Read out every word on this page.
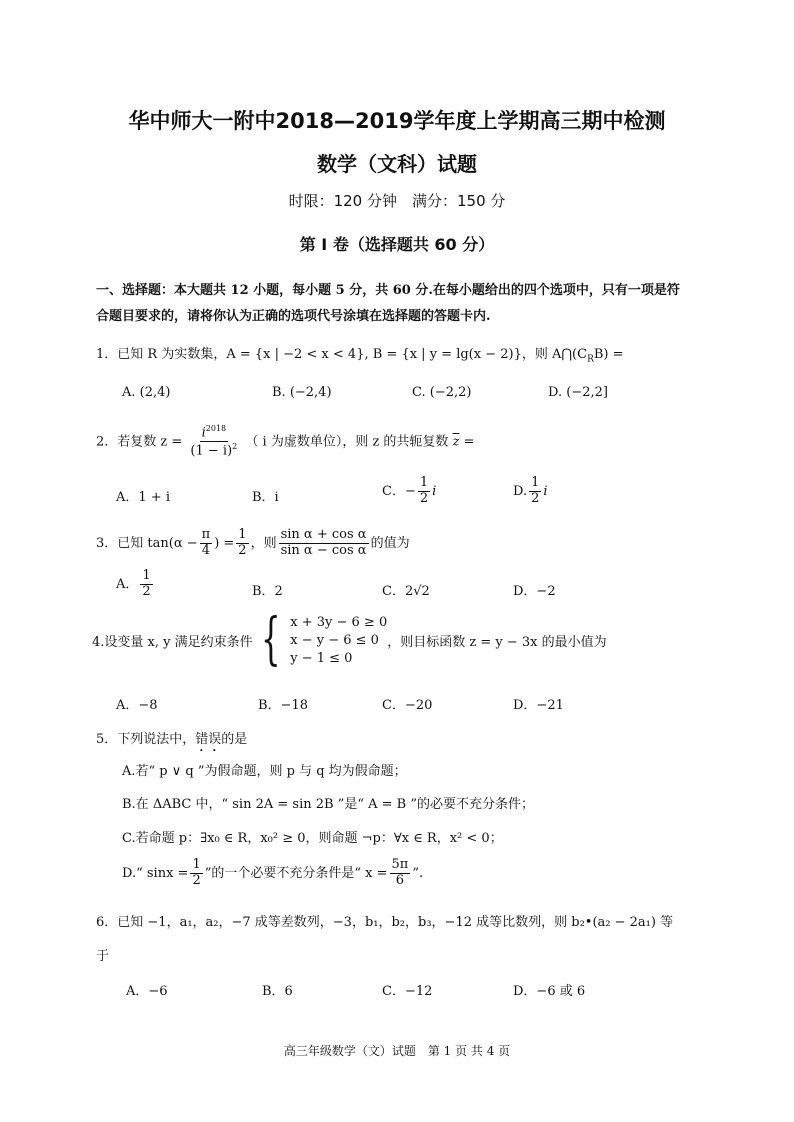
华中师大一附中2018—2019学年度上学期高三期中检测
数学（文科）试题
时限：120 分钟　满分：150 分
第 I 卷（选择题共 60 分）
一、选择题：本大题共 12 小题，每小题 5 分，共 60 分.在每小题给出的四个选项中，只有一项是符
合题目要求的，请将你认为正确的选项代号涂填在选择题的答题卡内.
1．已知 R 为实数集，A = {x | −2 < x < 4}, B = {x | y = lg(x − 2)}，则 $A⋂(C_RB)$ =
A. (2,4)	B. (−2,4)	C. (−2,2)	D. (−2,2]
2．若复数 $z = \frac{i^{2018}}{(1 - i)^2}$ （ i 为虚数单位），则 z 的共轭复数 $\overline{z}$ =
A．1 + i	B．i	C．− $\frac{1}{2}$ i	D. $\frac{1}{2}$ i
3．已知 $\tan(\alpha - \frac{\pi}{4}$ ) = $\frac{1}{2}$ ，则 $\frac{\text{sin α + cos α}}{\text{sin α − cos α}}$ 的值为
A． $\frac{1}{2}$	B．2	C．2√2	D．−2
4.设变量 x, y 满足约束条件 { x + 3y − 6 ≥ 0
x − y − 6 ≤ 0
y − 1 ≤ 0
，则目标函数 z = y − 3x 的最小值为
A．−8	B．−18	C．−20	D．−21
5．下列说法中，错误的是
A.若“ p ∨ q ”为假命题，则 p 与 q 均为假命题；
B.在 ΔABC 中，“ sin 2A = sin 2B ”是“ A = B ”的必要不充分条件；
C.若命题 p：∃x₀ ∈ R，x₀² ≥ 0，则命题 ¬p：∀x ∈ R，x² < 0；
D.“ $\sin x = \frac{1}{2}$ ”的一个必要不充分条件是“ $x = \frac{5\pi}{6}$ ”.
6．已知 −1，a₁，a₂，−7 成等差数列，−3，b₁，b₂，b₃，−12 成等比数列，则 b₂•(a₂ − 2a₁) 等
于
A．−6	B．6	C．−12	D．−6 或 6
高三年级数学（文）试题　第 1 页 共 4 页
